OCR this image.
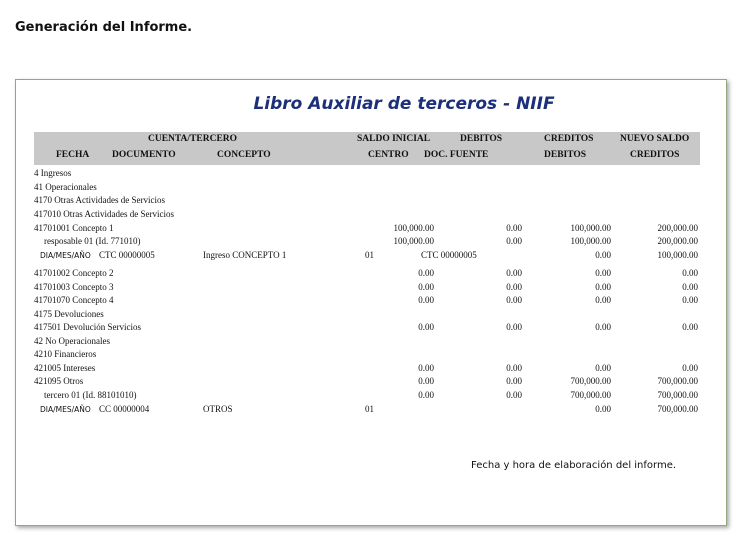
Generación del Informe.
Libro Auxiliar de terceros - NIIF
CUENTA/TERCERO	SALDO INICIAL	DEBITOS	CREDITOS	NUEVO SALDO
FECHA DOCUMENTO	CONCEPTO	CENTRO DOC. FUENTE	DEBITOS	CREDITOS
4 Ingresos
41 Operacionales
4170 Otras Actividades de Servicios
417010 Otras Actividades de Servicios
41701001 Concepto 1	100,000.00	0.00	100,000.00	200,000.00
resposable 01 (Id. 771010)	100,000.00	0.00	100,000.00	200,000.00
DIA/MES/AÑO CTC 00000005	Ingreso CONCEPTO 1	01	CTC 00000005	0.00	100,000.00
41701002 Concepto 2	0.00	0.00	0.00	0.00
41701003 Concepto 3	0.00	0.00	0.00	0.00
41701070 Concepto 4	0.00	0.00	0.00	0.00
4175 Devoluciones
417501 Devolución Servicios	0.00	0.00	0.00	0.00
42 No Operacionales
4210 Financieros
421005 Intereses	0.00	0.00	0.00	0.00
421095 Otros	0.00	0.00	700,000.00	700,000.00
tercero 01 (Id. 88101010)	0.00	0.00	700,000.00	700,000.00
DIA/MES/AÑO CC 00000004	OTROS	01	0.00	700,000.00
Fecha y hora de elaboración del informe.
